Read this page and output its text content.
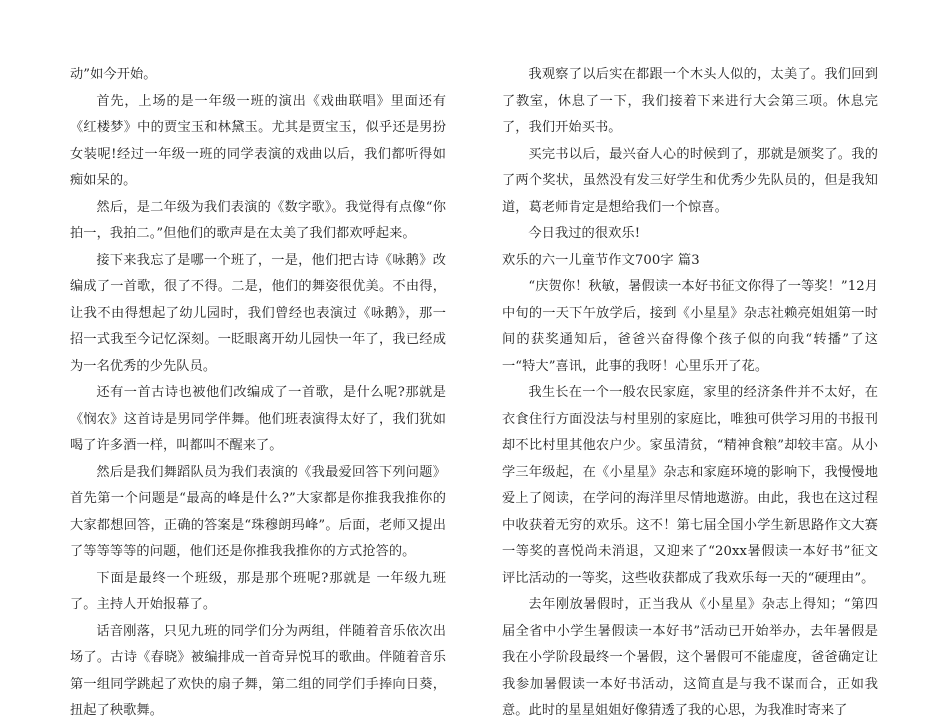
动”如今开始。

首先，上场的是一年级一班的演出《戏曲联唱》里面还有《红楼梦》中的贾宝玉和林黛玉。尤其是贾宝玉，似乎还是男扮女装呢!经过一年级一班的同学表演的戏曲以后，我们都听得如痴如呆的。

然后，是二年级为我们表演的《数字歌》。我觉得有点像“你拍一，我拍二。”但他们的歌声是在太美了我们都欢呼起来。

接下来我忘了是哪一个班了，一是，他们把古诗《咏鹅》改编成了一首歌，很了不得。二是，他们的舞姿很优美。不由得，让我不由得想起了幼儿园时，我们曾经也表演过《咏鹅》，那一招一式我至今记忆深刻。一眨眼离开幼儿园快一年了，我已经成为一名优秀的少先队员。

还有一首古诗也被他们改编成了一首歌，是什么呢?那就是《悯农》这首诗是男同学伴舞。他们班表演得太好了，我们犹如喝了许多酒一样，叫都叫不醒来了。

然后是我们舞蹈队员为我们表演的《我最爱回答下列问题》首先第一个问题是“最高的峰是什么?”大家都是你推我我推你的大家都想回答，正确的答案是“珠穆朗玛峰”。后面，老师又提出了等等等等的问题，他们还是你推我我推你的方式抢答的。

下面是最终一个班级，那是那个班呢?那就是 一年级九班了。主持人开始报幕了。

话音刚落，只见九班的同学们分为两组，伴随着音乐依次出场了。古诗《春晓》被编排成一首奇异悦耳的歌曲。伴随着音乐第一组同学跳起了欢快的扇子舞，第二组的同学们手捧向日葵，扭起了秧歌舞。

我观察了以后实在都跟一个木头人似的，太美了。我们回到了教室，休息了一下，我们接着下来进行大会第三项。休息完了，我们开始买书。

买完书以后，最兴奋人心的时候到了，那就是颁奖了。我的了两个奖状，虽然没有发三好学生和优秀少先队员的，但是我知道，葛老师肯定是想给我们一个惊喜。

今日我过的很欢乐!

欢乐的六一儿童节作文700字 篇3

“庆贺你！秋敏，暑假读一本好书征文你得了一等奖！”12月中旬的一天下午放学后，接到《小星星》杂志社赖亮姐姐第一时间的获奖通知后，爸爸兴奋得像个孩子似的向我“转播”了这一“特大”喜讯，此事的我呀！心里乐开了花。

我生长在一个一般农民家庭，家里的经济条件并不太好，在衣食住行方面没法与村里别的家庭比，唯独可供学习用的书报刊却不比村里其他农户少。家虽清贫，“精神食粮”却较丰富。从小学三年级起，在《小星星》杂志和家庭环境的影响下，我慢慢地爱上了阅读，在学问的海洋里尽情地遨游。由此，我也在这过程中收获着无穷的欢乐。这不！第七届全国小学生新思路作文大赛一等奖的喜悦尚未消退，又迎来了“20xx暑假读一本好书”征文评比活动的一等奖，这些收获都成了我欢乐每一天的“硬理由”。

去年刚放暑假时，正当我从《小星星》杂志上得知；“第四届全省中小学生暑假读一本好书”活动已开始举办，去年暑假是我在小学阶段最终一个暑假，这个暑假可不能虚度，爸爸确定让我参加暑假读一本好书活动，这简直是与我不谋而合，正如我意。此时的星星姐姐好像猜透了我的心思，为我准时寄来了
